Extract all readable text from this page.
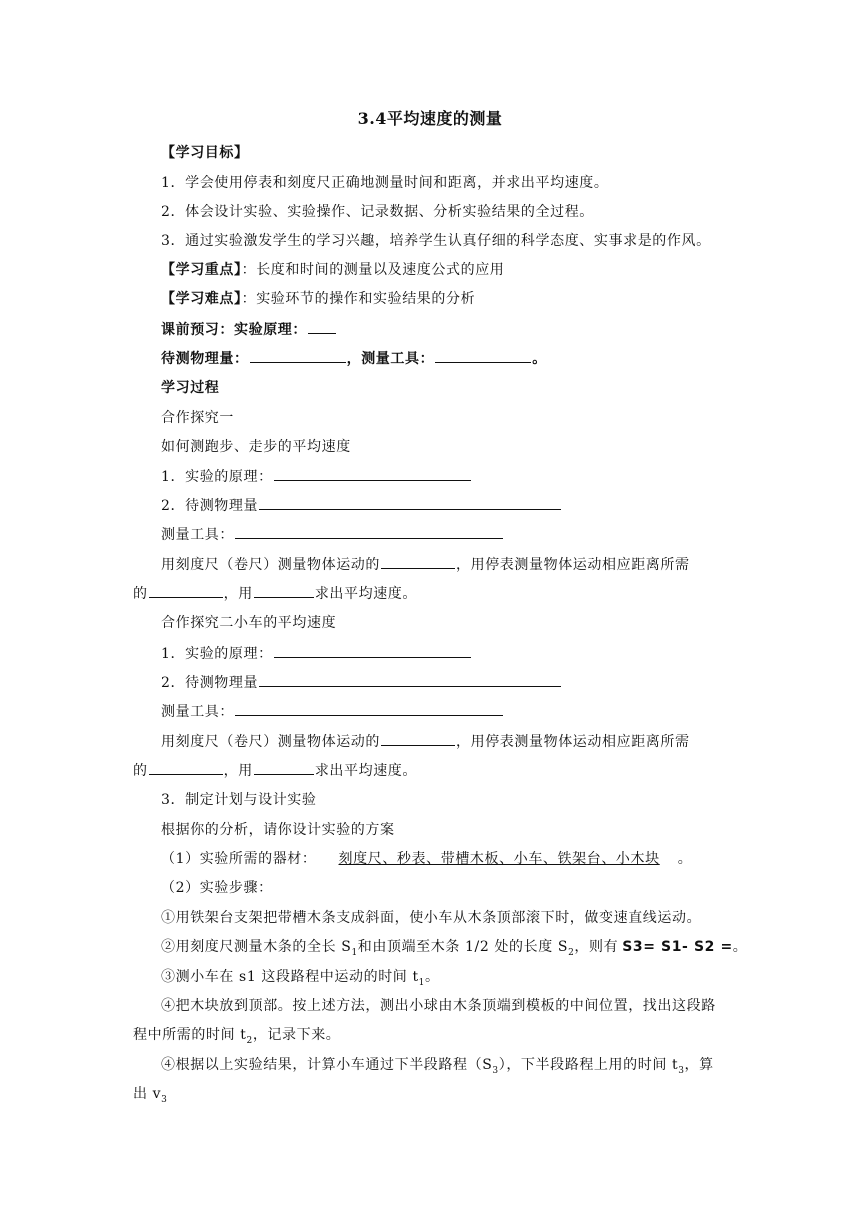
3.4平均速度的测量
【学习目标】
1．学会使用停表和刻度尺正确地测量时间和距离，并求出平均速度。
2．体会设计实验、实验操作、记录数据、分析实验结果的全过程。
3．通过实验激发学生的学习兴趣，培养学生认真仔细的科学态度、实事求是的作风。
【学习重点】：长度和时间的测量以及速度公式的应用
【学习难点】：实验环节的操作和实验结果的分析
课前预习：实验原理：
待测物理量：	，测量工具：	。
学习过程
合作探究一
如何测跑步、走步的平均速度
1．实验的原理：
2．待测物理量
测量工具：
用刻度尺（卷尺）测量物体运动的	，用停表测量物体运动相应距离所需
的	，用	求出平均速度。
合作探究二小车的平均速度
1．实验的原理：
2．待测物理量
测量工具：
用刻度尺（卷尺）测量物体运动的	，用停表测量物体运动相应距离所需
的	，用	求出平均速度。
3．制定计划与设计实验
根据你的分析，请你设计实验的方案
（1）实验所需的器材： 刻度尺、秒表、带槽木板、小车、铁架台、小木块 。
（2）实验步骤：
①用铁架台支架把带槽木条支成斜面，使小车从木条顶部滚下时，做变速直线运动。
②用刻度尺测量木条的全长 $S_1$和由顶端至木条 1/2 处的长度 $S_2$，则有 S3= S1- S2 =。
③测小车在 s1 这段路程中运动的时间 $t_1$。
④把木块放到顶部。按上述方法，测出小球由木条顶端到模板的中间位置，找出这段路
程中所需的时间 $t_2$，记录下来。
④根据以上实验结果，计算小车通过下半段路程$(S_3)$，下半段路程上用的时间 $t_3$，算
出 $v_3$
